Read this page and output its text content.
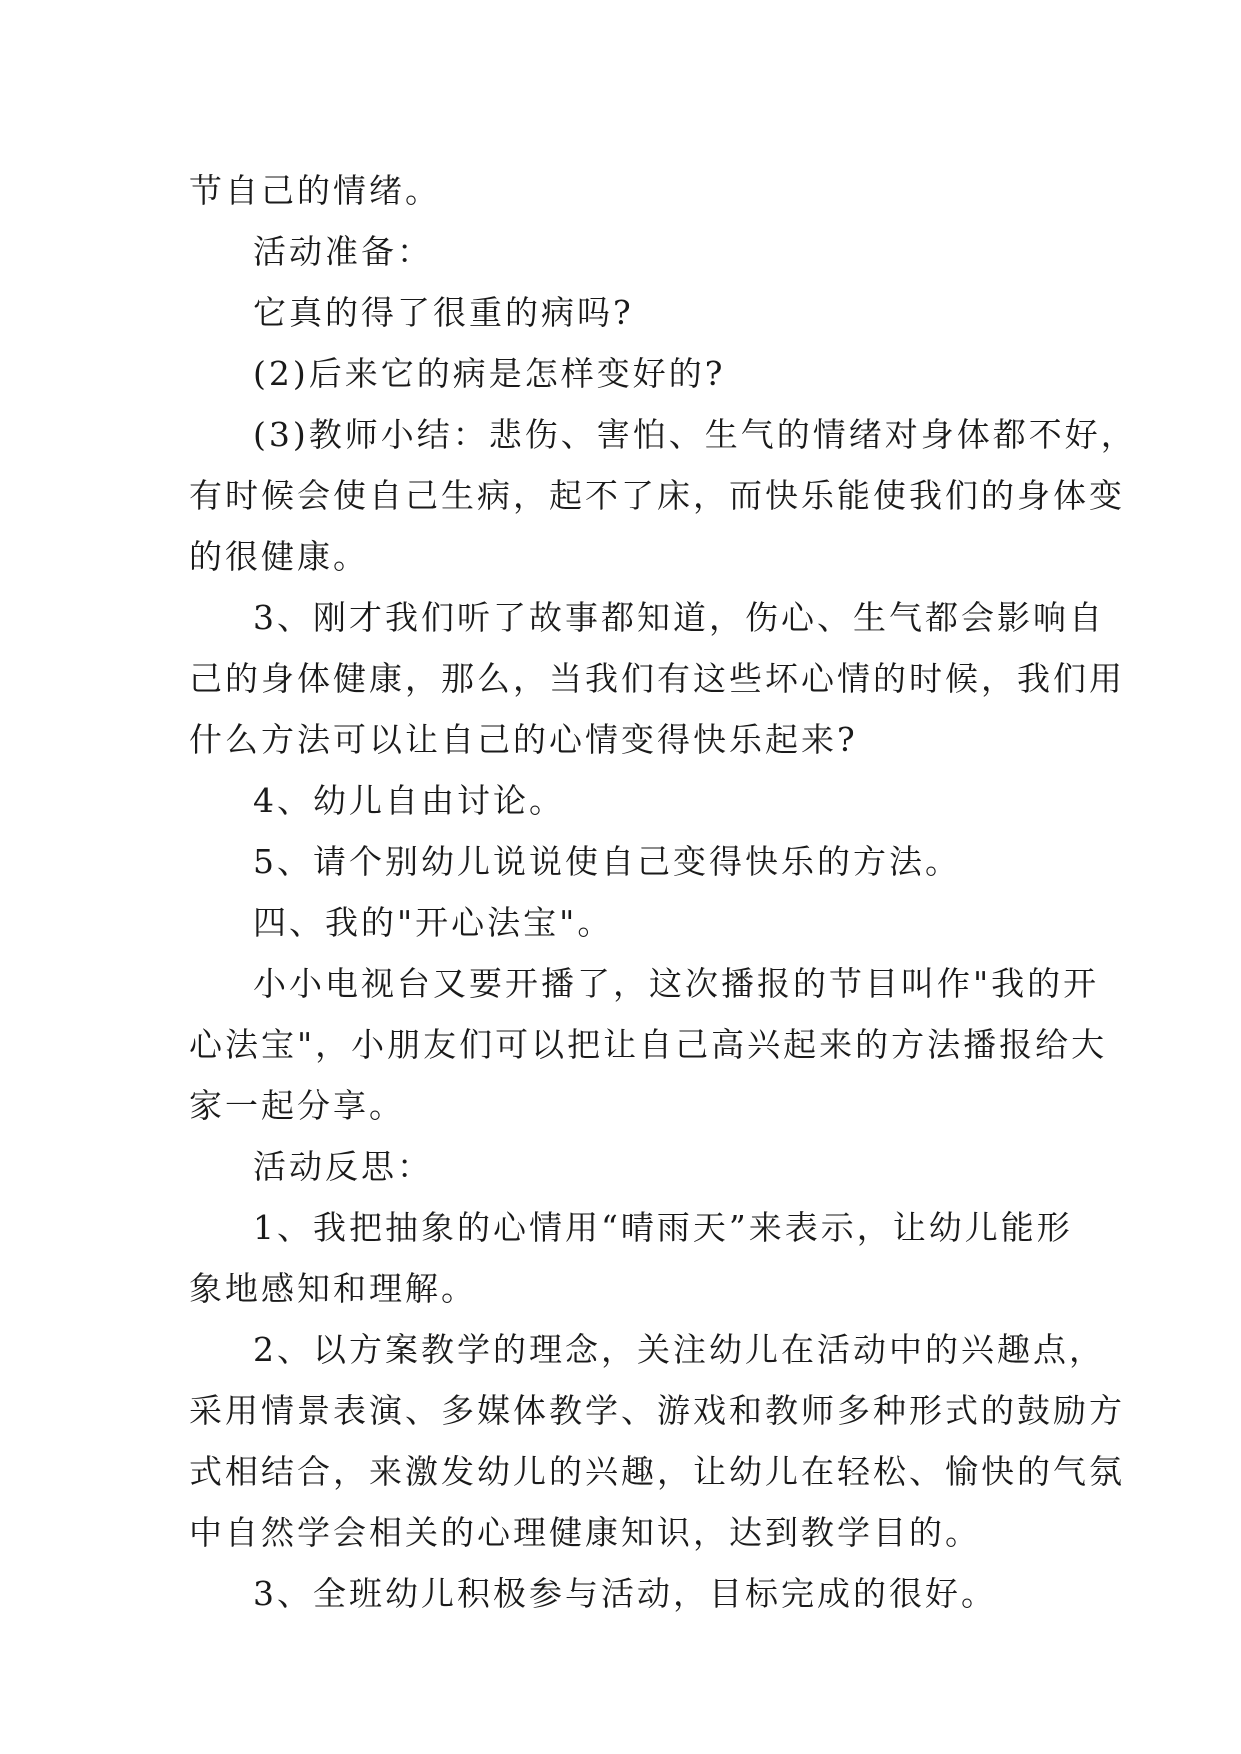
节自己的情绪。
活动准备：
它真的得了很重的病吗?
(2)后来它的病是怎样变好的?
(3)教师小结：悲伤、害怕、生气的情绪对身体都不好，
有时候会使自己生病，起不了床，而快乐能使我们的身体变
的很健康。
3、刚才我们听了故事都知道，伤心、生气都会影响自
己的身体健康，那么，当我们有这些坏心情的时候，我们用
什么方法可以让自己的心情变得快乐起来?
4、幼儿自由讨论。
5、请个别幼儿说说使自己变得快乐的方法。
四、我的"开心法宝"。
小小电视台又要开播了，这次播报的节目叫作"我的开
心法宝"，小朋友们可以把让自己高兴起来的方法播报给大
家一起分享。
活动反思：
1、我把抽象的心情用“晴雨天”来表示，让幼儿能形
象地感知和理解。
2、以方案教学的理念，关注幼儿在活动中的兴趣点，
采用情景表演、多媒体教学、游戏和教师多种形式的鼓励方
式相结合，来激发幼儿的兴趣，让幼儿在轻松、愉快的气氛
中自然学会相关的心理健康知识，达到教学目的。
3、全班幼儿积极参与活动，目标完成的很好。
